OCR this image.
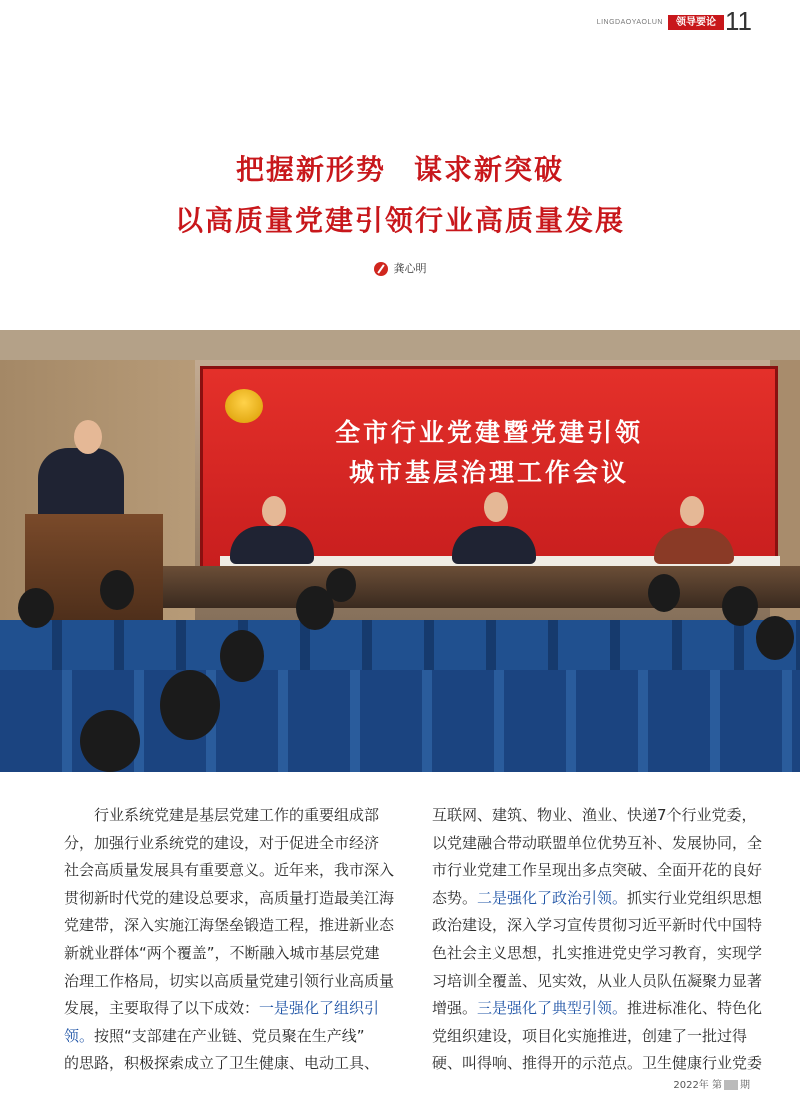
LINGDAOYAOLUN	领导要论 11
把握新形势 谋求新突破
以高质量党建引领行业高质量发展
龚心明
全市行业党建暨党建引领
城市基层治理工作会议
　　行业系统党建是基层党建工作的重要组成部
分，加强行业系统党的建设，对于促进全市经济
社会高质量发展具有重要意义。近年来，我市深入
贯彻新时代党的建设总要求，高质量打造最美江海
党建带，深入实施江海堡垒锻造工程，推进新业态
新就业群体“两个覆盖”，不断融入城市基层党建
治理工作格局，切实以高质量党建引领行业高质量
发展，主要取得了以下成效：一是强化了组织引
领。按照“支部建在产业链、党员聚在生产线”
的思路，积极探索成立了卫生健康、电动工具、
互联网、建筑、物业、渔业、快递7个行业党委，
以党建融合带动联盟单位优势互补、发展协同，全
市行业党建工作呈现出多点突破、全面开花的良好
态势。二是强化了政治引领。抓实行业党组织思想
政治建设，深入学习宣传贯彻习近平新时代中国特
色社会主义思想，扎实推进党史学习教育，实现学
习培训全覆盖、见实效，从业人员队伍凝聚力显著
增强。三是强化了典型引领。推进标准化、特色化
党组织建设，项目化实施推进，创建了一批过得
硬、叫得响、推得开的示范点。卫生健康行业党委
2022年 第 期
